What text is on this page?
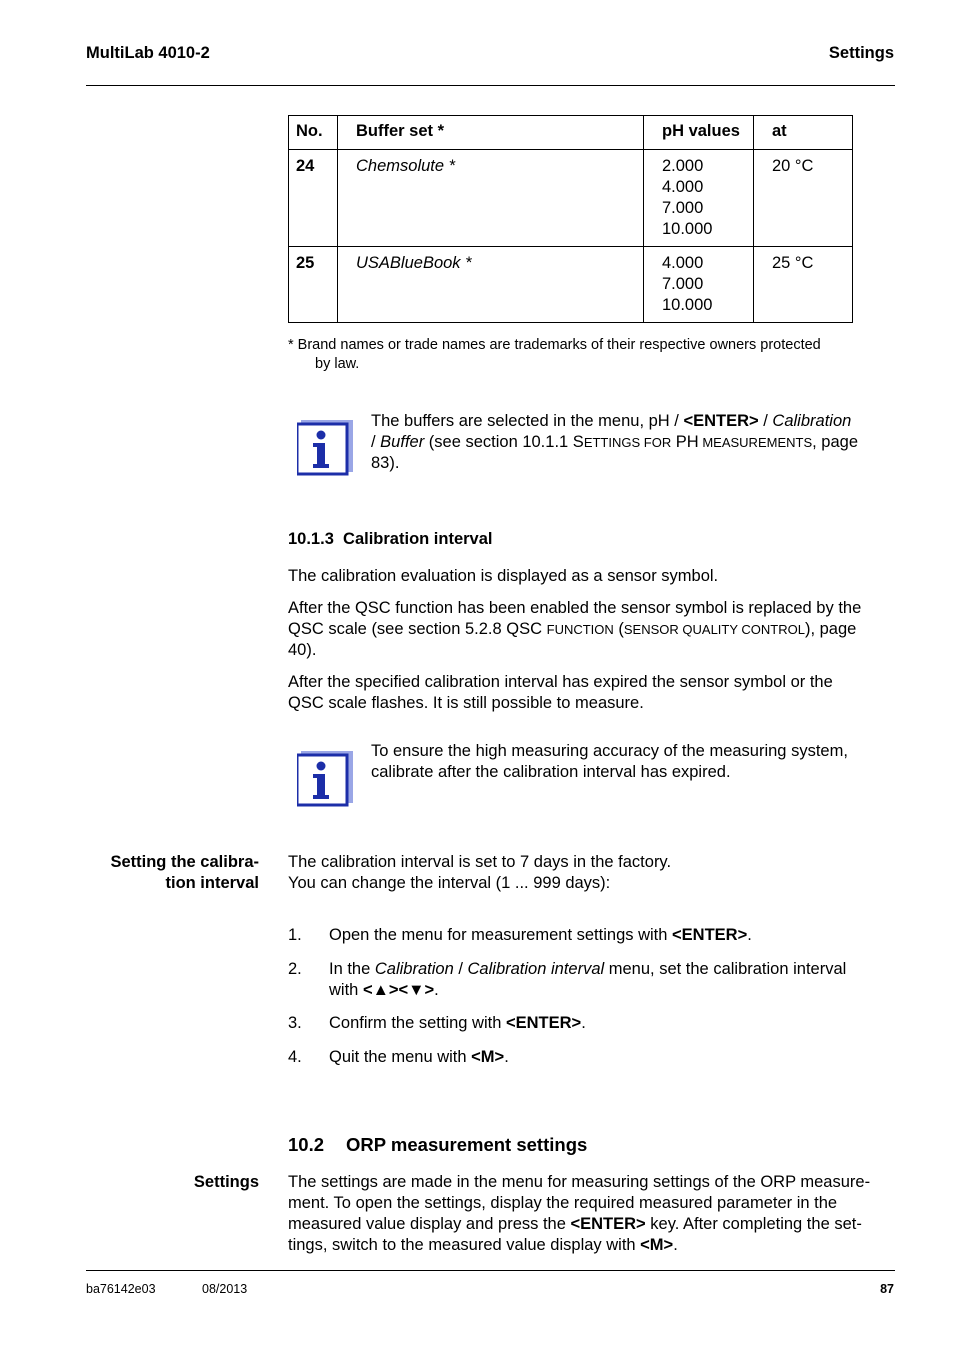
MultiLab 4010-2	Settings
No.	Buffer set *	pH values	at
24	Chemsolute *	2.000
4.000
7.000
10.000	20 °C
25	USABlueBook *	4.000
7.000
10.000	25 °C
* Brand names or trade names are trademarks of their respective owners protected
by law.
The buffers are selected in the menu, pH / <ENTER> / Calibration
/ Buffer (see section 10.1.1 SETTINGS FOR PH MEASUREMENTS, page
83).
10.1.3 Calibration interval
The calibration evaluation is displayed as a sensor symbol.
After the QSC function has been enabled the sensor symbol is replaced by the
QSC scale (see section 5.2.8 QSC FUNCTION (SENSOR QUALITY CONTROL), page
40).
After the specified calibration interval has expired the sensor symbol or the
QSC scale flashes. It is still possible to measure.
To ensure the high measuring accuracy of the measuring system,
calibrate after the calibration interval has expired.
Setting the calibra-
tion interval
The calibration interval is set to 7 days in the factory.
You can change the interval (1 ... 999 days):
1. Open the menu for measurement settings with <ENTER>.
2. In the Calibration / Calibration interval menu, set the calibration interval
with <▲><▼>.
3. Confirm the setting with <ENTER>.
4. Quit the menu with <M>.
10.2 ORP measurement settings
Settings The settings are made in the menu for measuring settings of the ORP measure-
ment. To open the settings, display the required measured parameter in the
measured value display and press the <ENTER> key. After completing the set-
tings, switch to the measured value display with <M>.
ba76142e03	08/2013	87
